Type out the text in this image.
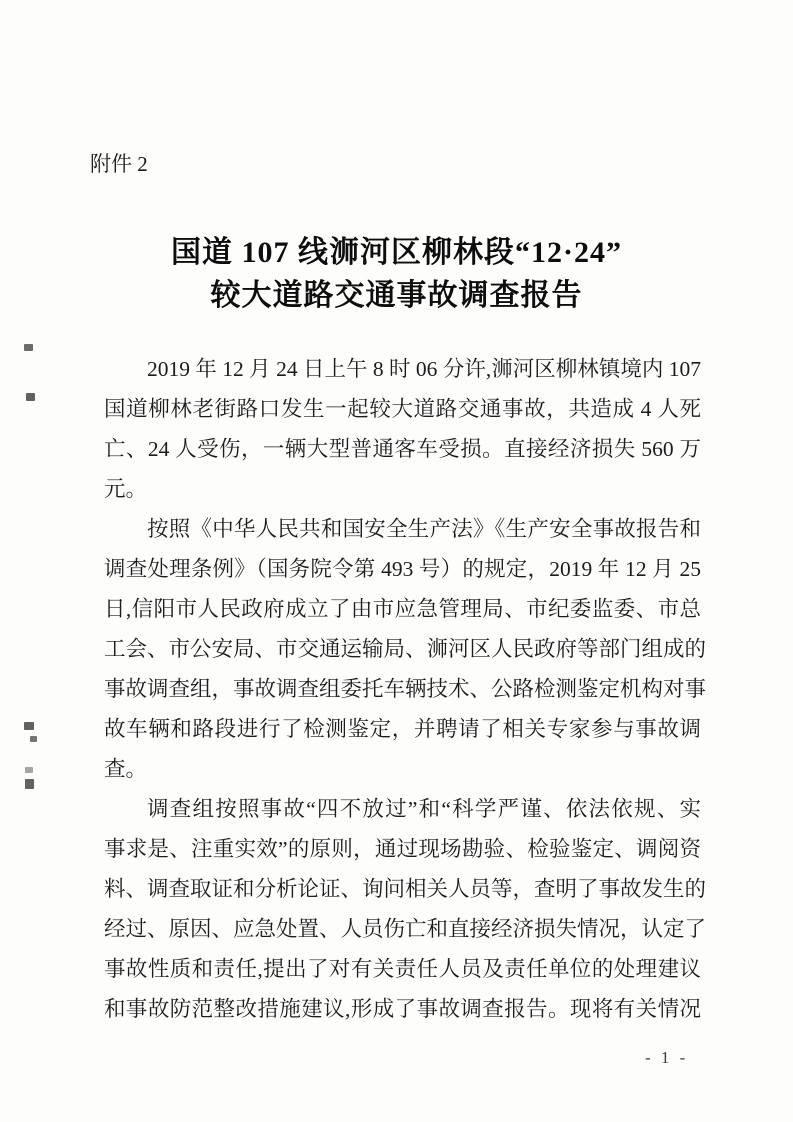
附件 2
国道 107 线浉河区柳林段“12·24”
较大道路交通事故调查报告
2019 年 12 月 24 日上午 8 时 06 分许,浉河区柳林镇境内 107
国道柳林老街路口发生一起较大道路交通事故，共造成 4 人死
亡、24 人受伤，一辆大型普通客车受损。直接经济损失 560 万
元。
按照《中华人民共和国安全生产法》《生产安全事故报告和
调查处理条例》（国务院令第 493 号）的规定，2019 年 12 月 25
日,信阳市人民政府成立了由市应急管理局、市纪委监委、市总
工会、市公安局、市交通运输局、浉河区人民政府等部门组成的
事故调查组，事故调查组委托车辆技术、公路检测鉴定机构对事
故车辆和路段进行了检测鉴定，并聘请了相关专家参与事故调
查。
调查组按照事故“四不放过”和“科学严谨、依法依规、实
事求是、注重实效”的原则，通过现场勘验、检验鉴定、调阅资
料、调查取证和分析论证、询问相关人员等，查明了事故发生的
经过、原因、应急处置、人员伤亡和直接经济损失情况，认定了
事故性质和责任,提出了对有关责任人员及责任单位的处理建议
和事故防范整改措施建议,形成了事故调查报告。现将有关情况
- 1 -
